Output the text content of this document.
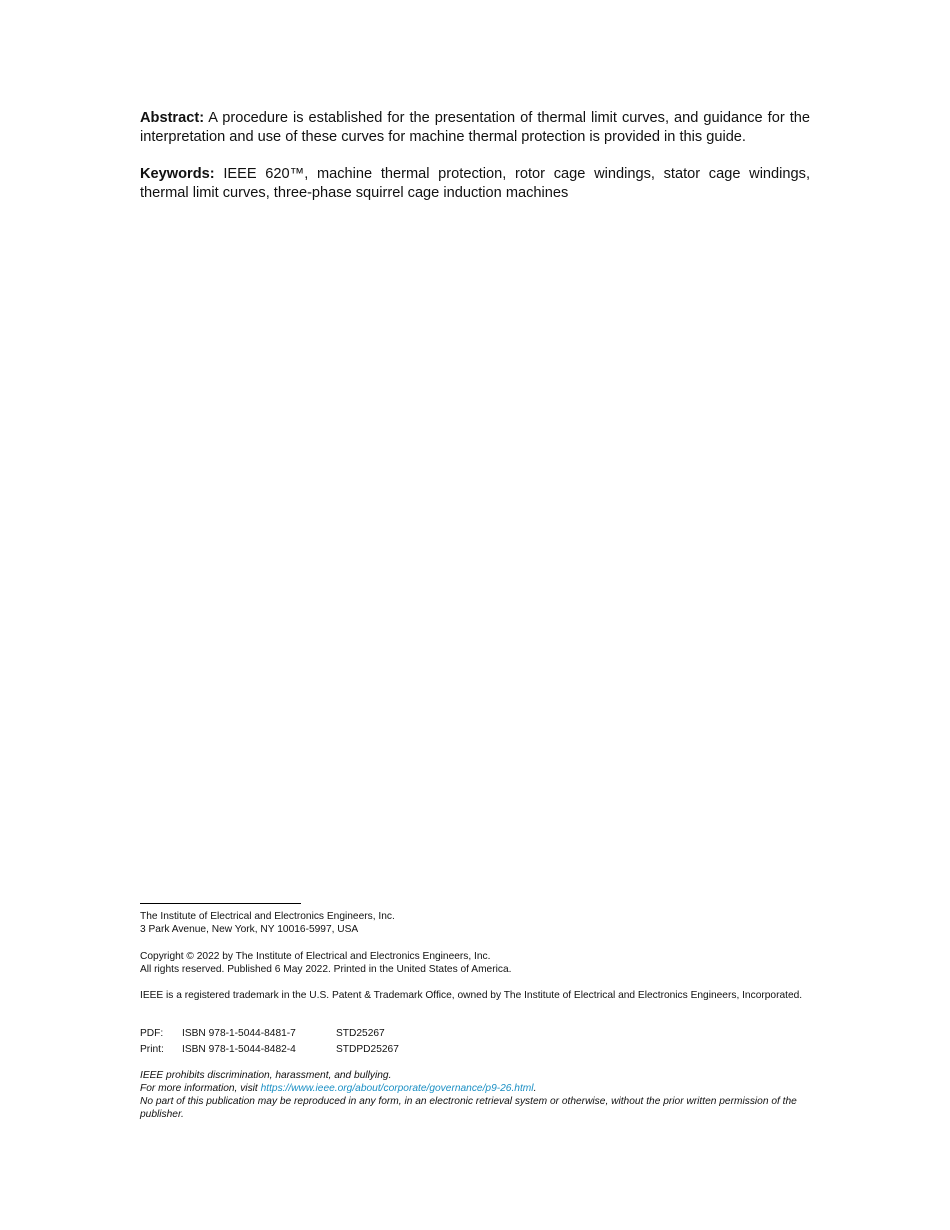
Abstract: A procedure is established for the presentation of thermal limit curves, and guidance for the interpretation and use of these curves for machine thermal protection is provided in this guide.

Keywords: IEEE 620™, machine thermal protection, rotor cage windings, stator cage windings, thermal limit curves, three-phase squirrel cage induction machines

The Institute of Electrical and Electronics Engineers, Inc.
3 Park Avenue, New York, NY 10016-5997, USA
Copyright © 2022 by The Institute of Electrical and Electronics Engineers, Inc.
All rights reserved. Published 6 May 2022. Printed in the United States of America.
IEEE is a registered trademark in the U.S. Patent & Trademark Office, owned by The Institute of Electrical and Electronics Engineers, Incorporated.
PDF: ISBN 978-1-5044-8481-7	STD25267
Print: ISBN 978-1-5044-8482-4	STDPD25267
IEEE prohibits discrimination, harassment, and bullying.
For more information, visit https://www.ieee.org/about/corporate/governance/p9-26.html.
No part of this publication may be reproduced in any form, in an electronic retrieval system or otherwise, without the prior written permission of the publisher.
